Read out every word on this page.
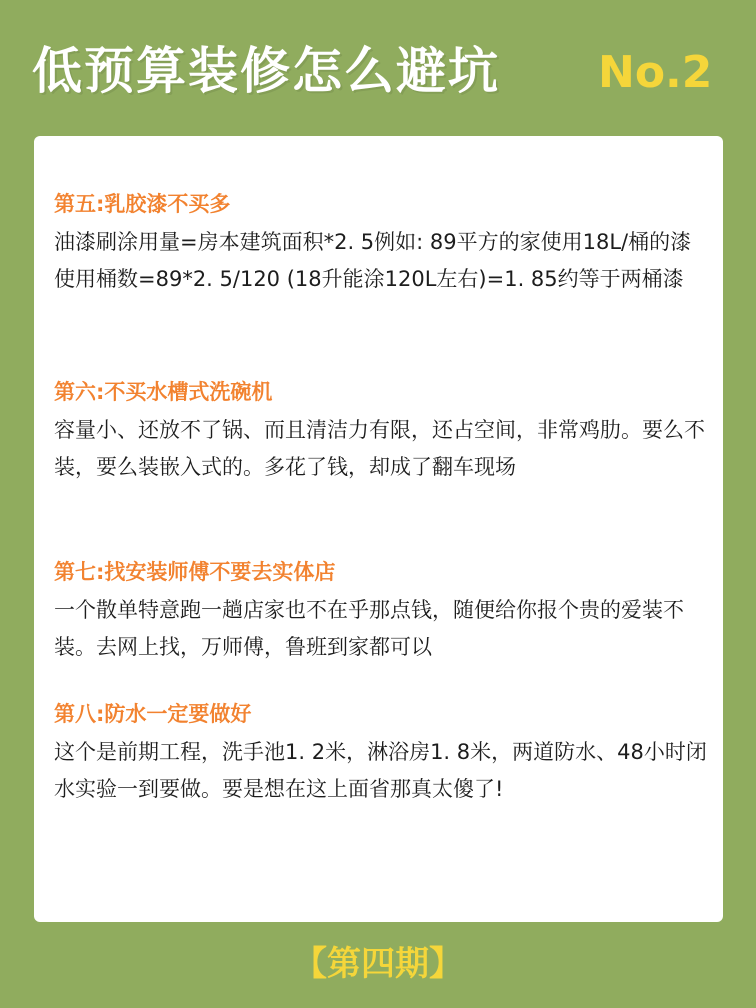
低预算装修怎么避坑 No.2
第五:乳胶漆不买多

油漆刷涂用量=房本建筑面积*2. 5例如: 89平方的家使用18L/桶的漆

使用桶数=89*2. 5/120 (18升能涂120L左右)=1. 85约等于两桶漆

第六:不买水槽式洗碗机

容量小、还放不了锅、而且清洁力有限，还占空间，非常鸡肋。要么不装，要么装嵌入式的。多花了钱，却成了翻车现场

第七:找安装师傅不要去实体店

一个散单特意跑一趟店家也不在乎那点钱，随便给你报个贵的爱装不装。去网上找，万师傅，鲁班到家都可以

第八:防水一定要做好

这个是前期工程，洗手池1. 2米，淋浴房1. 8米，两道防水、48小时闭水实验一到要做。要是想在这上面省那真太傻了!

【第四期】
